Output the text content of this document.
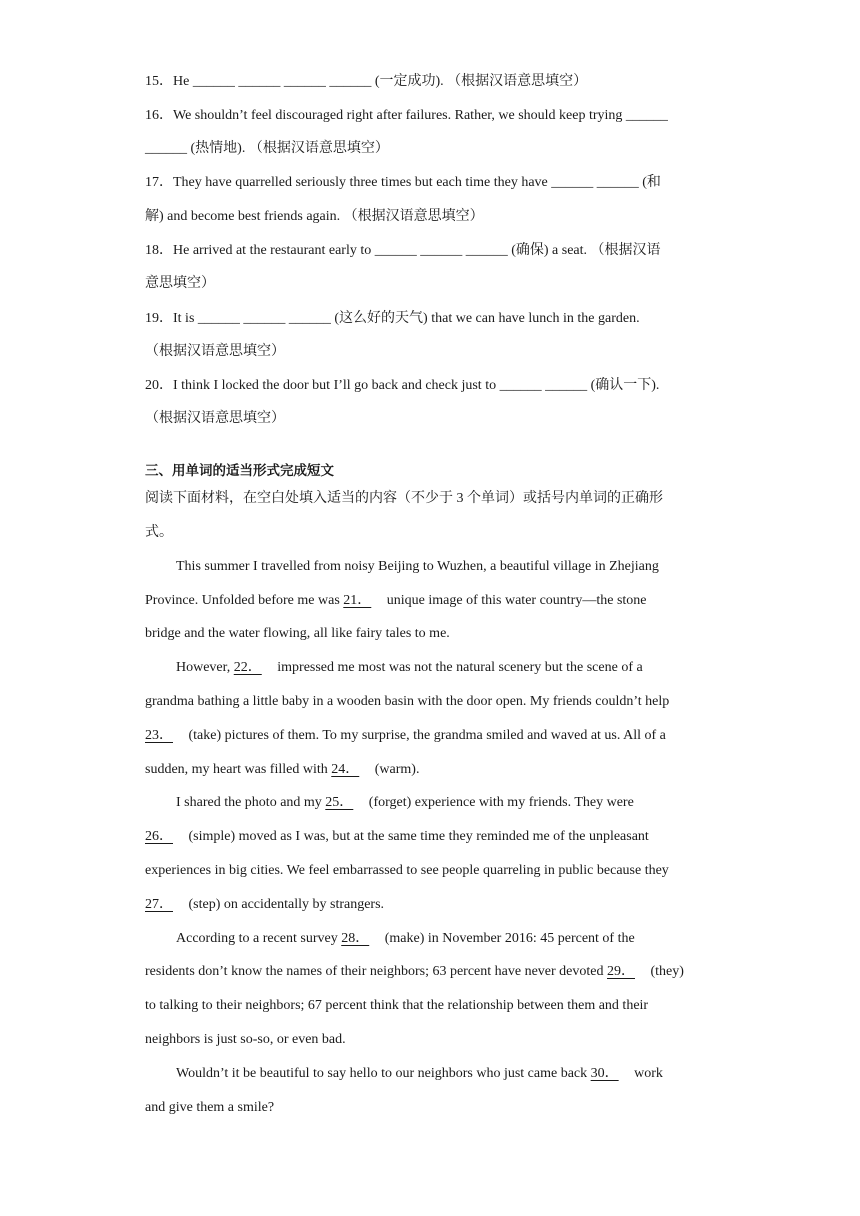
15．He ______ ______ ______ ______ (一定成功). （根据汉语意思填空）
16．We shouldn’t feel discouraged right after failures. Rather, we should keep trying ______
______ (热情地). （根据汉语意思填空）
17．They have quarrelled seriously three times but each time they have ______ ______ (和
解) and become best friends again. （根据汉语意思填空）
18．He arrived at the restaurant early to ______ ______ ______ (确保) a seat. （根据汉语
意思填空）
19．It is ______ ______ ______ (这么好的天气) that we can have lunch in the garden.
（根据汉语意思填空）
20．I think I locked the door but I’ll go back and check just to ______ ______ (确认一下).
（根据汉语意思填空）
三、用单词的适当形式完成短文
阅读下面材料，在空白处填入适当的内容（不少于 3 个单词）或括号内单词的正确形
式。
This summer I travelled from noisy Beijing to Wuzhen, a beautiful village in Zhejiang
Province. Unfolded before me was 21． unique image of this water country—the stone
bridge and the water flowing, all like fairy tales to me.
However, 22． impressed me most was not the natural scenery but the scene of a
grandma bathing a little baby in a wooden basin with the door open. My friends couldn’t help
23． (take) pictures of them. To my surprise, the grandma smiled and waved at us. All of a
sudden, my heart was filled with 24． (warm).
I shared the photo and my 25． (forget) experience with my friends. They were
26． (simple) moved as I was, but at the same time they reminded me of the unpleasant
experiences in big cities. We feel embarrassed to see people quarreling in public because they
27． (step) on accidentally by strangers.
According to a recent survey 28． (make) in November 2016: 45 percent of the
residents don’t know the names of their neighbors; 63 percent have never devoted 29． (they)
to talking to their neighbors; 67 percent think that the relationship between them and their
neighbors is just so-so, or even bad.
Wouldn’t it be beautiful to say hello to our neighbors who just came back 30． work
and give them a smile?
